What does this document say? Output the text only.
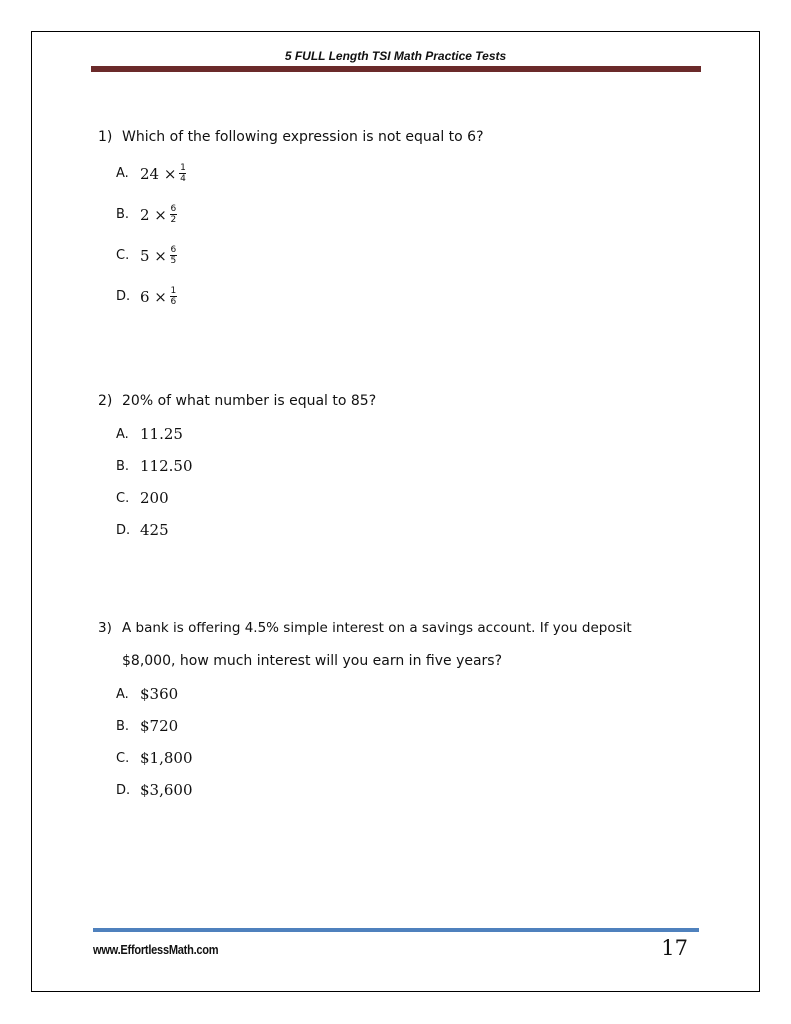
5 FULL Length TSI Math Practice Tests
1) Which of the following expression is not equal to 6?
A. $24 \times \frac{1}{4}$
B. $2 \times \frac{6}{2}$
C. $5 \times \frac{6}{5}$
D. $6 \times \frac{1}{6}$
2) 20% of what number is equal to 85?
A. 11.25
B. 112.50
C. 200
D. 425
3) A bank is offering 4.5% simple interest on a savings account. If you deposit
$8,000, how much interest will you earn in five years?
A. $360
B. $720
C. $1,800
D. $3,600
www.EffortlessMath.com	17
